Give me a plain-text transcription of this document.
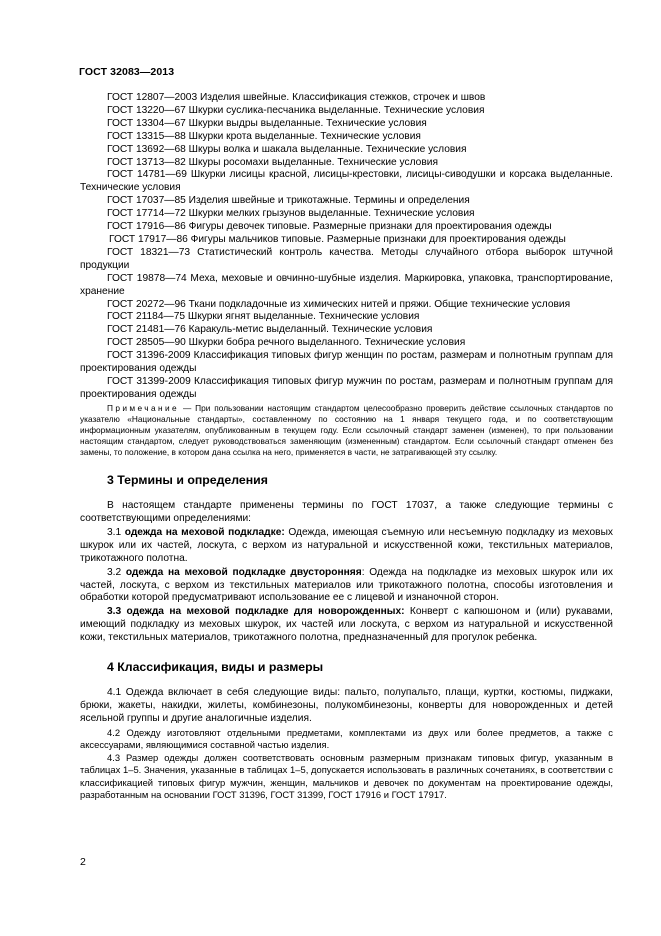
ГОСТ 32083—2013
ГОСТ 12807—2003 Изделия швейные. Классификация стежков, строчек и швов
ГОСТ 13220—67 Шкурки суслика-песчаника выделанные. Технические условия
ГОСТ 13304—67 Шкурки выдры выделанные. Технические условия
ГОСТ 13315—88 Шкурки крота выделанные. Технические условия
ГОСТ 13692—68 Шкуры волка и шакала выделанные. Технические условия
ГОСТ 13713—82 Шкуры росомахи выделанные. Технические условия
ГОСТ 14781—69 Шкурки лисицы красной, лисицы-крестовки, лисицы-сиводушки и корсака выделанные. Технические условия
ГОСТ 17037—85 Изделия швейные и трикотажные. Термины и определения
ГОСТ 17714—72 Шкурки мелких грызунов выделанные. Технические условия
ГОСТ 17916—86 Фигуры девочек типовые. Размерные признаки для проектирования одежды
ГОСТ 17917—86 Фигуры мальчиков типовые. Размерные признаки для проектирования одежды
ГОСТ 18321—73 Статистический контроль качества. Методы случайного отбора выборок штучной продукции
ГОСТ 19878—74 Меха, меховые и овчинно-шубные изделия. Маркировка, упаковка, транспортирование, хранение
ГОСТ 20272—96 Ткани подкладочные из химических нитей и пряжи. Общие технические условия
ГОСТ 21184—75 Шкурки ягнят выделанные. Технические условия
ГОСТ 21481—76 Каракуль-метис выделанный. Технические условия
ГОСТ 28505—90 Шкурки бобра речного выделанного. Технические условия
ГОСТ 31396-2009 Классификация типовых фигур женщин по ростам, размерам и полнотным группам для проектирования одежды
ГОСТ 31399-2009 Классификация типовых фигур мужчин по ростам, размерам и полнотным группам для проектирования одежды
Примечание — При пользовании настоящим стандартом целесообразно проверить действие ссылочных стандартов по указателю «Национальные стандарты», составленному по состоянию на 1 января текущего года, и по соответствующим информационным указателям, опубликованным в текущем году. Если ссылочный стандарт заменен (изменен), то при пользовании настоящим стандартом, следует руководствоваться заменяющим (измененным) стандартом. Если ссылочный стандарт отменен без замены, то положение, в котором дана ссылка на него, применяется в части, не затрагивающей эту ссылку.
3 Термины и определения
В настоящем стандарте применены термины по ГОСТ 17037, а также следующие термины с соответствующими определениями:
3.1 одежда на меховой подкладке: Одежда, имеющая съемную или несъемную подкладку из меховых шкурок или их частей, лоскута, с верхом из натуральной и искусственной кожи, текстильных материалов, трикотажного полотна.
3.2 одежда на меховой подкладке двусторонняя: Одежда на подкладке из меховых шкурок или их частей, лоскута, с верхом из текстильных материалов или трикотажного полотна, способы изготовления и обработки которой предусматривают использование ее с лицевой и изнаночной сторон.
3.3 одежда на меховой подкладке для новорожденных: Конверт с капюшоном и (или) рукавами, имеющий подкладку из меховых шкурок, их частей или лоскута, с верхом из натуральной и искусственной кожи, текстильных материалов, трикотажного полотна, предназначенный для прогулок ребенка.
4 Классификация, виды и размеры
4.1 Одежда включает в себя следующие виды: пальто, полупальто, плащи, куртки, костюмы, пиджаки, брюки, жакеты, накидки, жилеты, комбинезоны, полукомбинезоны, конверты для новорожденных и детей ясельной группы и другие аналогичные изделия.
4.2 Одежду изготовляют отдельными предметами, комплектами из двух или более предметов, а также с аксессуарами, являющимися составной частью изделия.
4.3 Размер одежды должен соответствовать основным размерным признакам типовых фигур, указанным в таблицах 1–5. Значения, указанные в таблицах 1–5, допускается использовать в различных сочетаниях, в соответствии с классификацией типовых фигур мужчин, женщин, мальчиков и девочек по документам на проектирование одежды, разработанным на основании ГОСТ 31396, ГОСТ 31399, ГОСТ 17916 и ГОСТ 17917.
2
